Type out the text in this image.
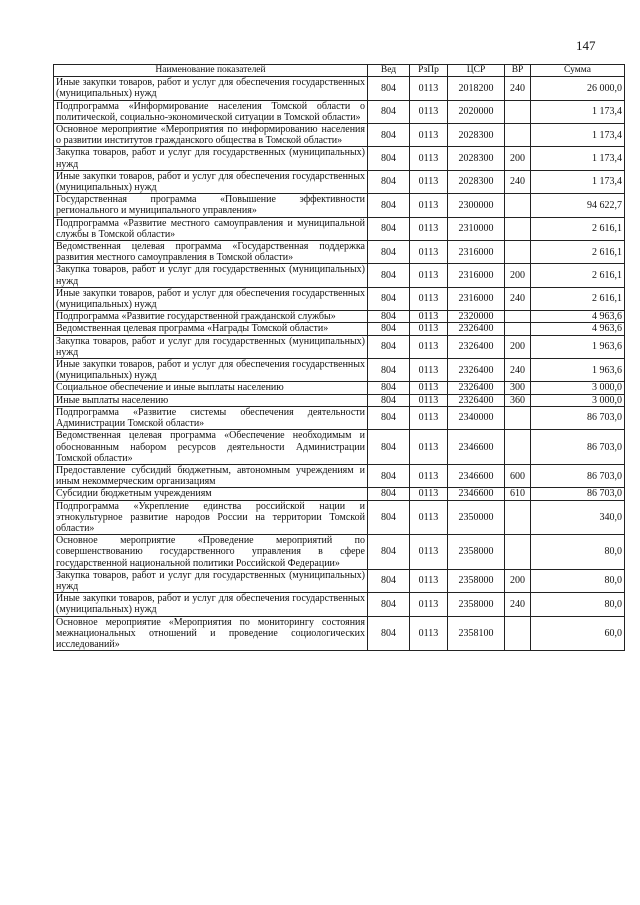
147
Наименование показателей	Вед	РзПр	ЦСР	ВР	Сумма
Иные закупки товаров, работ и услуг для обеспечения государственных (муниципальных) нужд	804	0113	2018200	240	26 000,0
Подпрограмма «Информирование населения Томской области о политической, социально-экономической ситуации в Томской области»	804	0113	2020000		1 173,4
Основное мероприятие «Мероприятия по информированию населения о развитии институтов гражданского общества в Томской области»	804	0113	2028300		1 173,4
Закупка товаров, работ и услуг для государственных (муниципальных) нужд	804	0113	2028300	200	1 173,4
Иные закупки товаров, работ и услуг для обеспечения государственных (муниципальных) нужд	804	0113	2028300	240	1 173,4
Государственная программа «Повышение эффективности регионального и муниципального управления»	804	0113	2300000		94 622,7
Подпрограмма «Развитие местного самоуправления и муниципальной службы в Томской области»	804	0113	2310000		2 616,1
Ведомственная целевая программа «Государственная поддержка развития местного самоуправления в Томской области»	804	0113	2316000		2 616,1
Закупка товаров, работ и услуг для государственных (муниципальных) нужд	804	0113	2316000	200	2 616,1
Иные закупки товаров, работ и услуг для обеспечения государственных (муниципальных) нужд	804	0113	2316000	240	2 616,1
Подпрограмма «Развитие государственной гражданской службы»	804	0113	2320000		4 963,6
Ведомственная целевая программа «Награды Томской области»	804	0113	2326400		4 963,6
Закупка товаров, работ и услуг для государственных (муниципальных) нужд	804	0113	2326400	200	1 963,6
Иные закупки товаров, работ и услуг для обеспечения государственных (муниципальных) нужд	804	0113	2326400	240	1 963,6
Социальное обеспечение и иные выплаты населению	804	0113	2326400	300	3 000,0
Иные выплаты населению	804	0113	2326400	360	3 000,0
Подпрограмма «Развитие системы обеспечения деятельности Администрации Томской области»	804	0113	2340000		86 703,0
Ведомственная целевая программа «Обеспечение необходимым и обоснованным набором ресурсов деятельности Администрации Томской области»	804	0113	2346600		86 703,0
Предоставление субсидий бюджетным, автономным учреждениям и иным некоммерческим организациям	804	0113	2346600	600	86 703,0
Субсидии бюджетным учреждениям	804	0113	2346600	610	86 703,0
Подпрограмма «Укрепление единства российской нации и этнокультурное развитие народов России на территории Томской области»	804	0113	2350000		340,0
Основное мероприятие «Проведение мероприятий по совершенствованию государственного управления в сфере государственной национальной политики Российской Федерации»	804	0113	2358000		80,0
Закупка товаров, работ и услуг для государственных (муниципальных) нужд	804	0113	2358000	200	80,0
Иные закупки товаров, работ и услуг для обеспечения государственных (муниципальных) нужд	804	0113	2358000	240	80,0
Основное мероприятие «Мероприятия по мониторингу состояния межнациональных отношений и проведение социологических исследований»	804	0113	2358100		60,0
